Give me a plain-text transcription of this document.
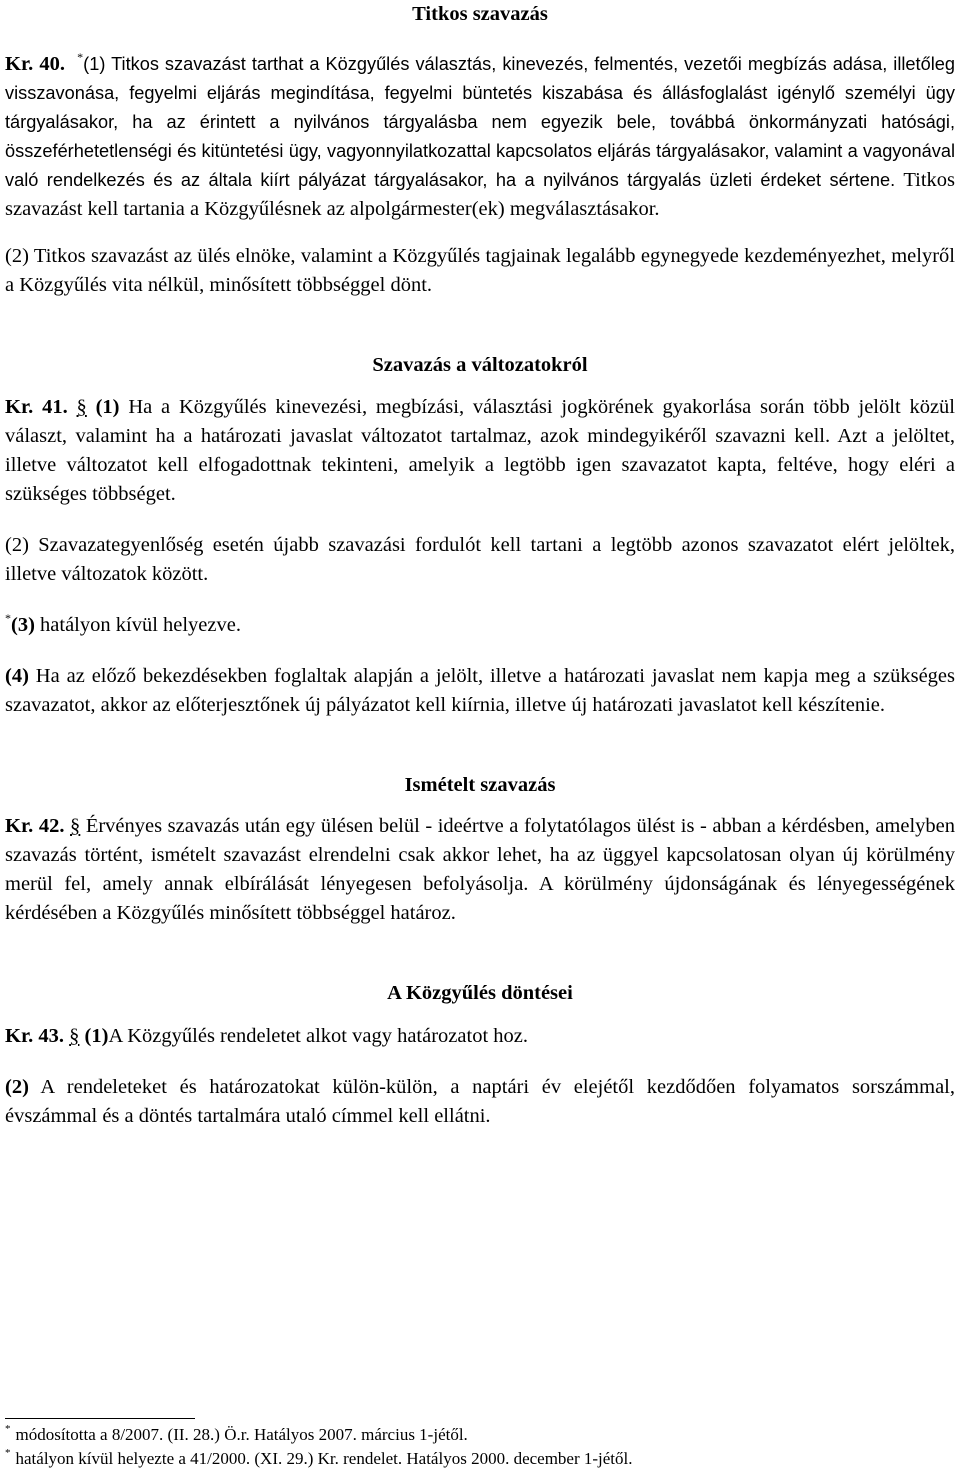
Titkos szavazás

Kr. 40. *(1) Titkos szavazást tarthat a Közgyűlés választás, kinevezés, felmentés, vezetői megbízás adása, illetőleg visszavonása, fegyelmi eljárás megindítása, fegyelmi büntetés kiszabása és állásfoglalást igénylő személyi ügy tárgyalásakor, ha az érintett a nyilvános tárgyalásba nem egyezik bele, továbbá önkormányzati hatósági, összeférhetetlenségi és kitüntetési ügy, vagyonnyilatkozattal kapcsolatos eljárás tárgyalásakor, valamint a vagyonával való rendelkezés és az általa kiírt pályázat tárgyalásakor, ha a nyilvános tárgyalás üzleti érdeket sértene. Titkos szavazást kell tartania a Közgyűlésnek az alpolgármester(ek) megválasztásakor.

(2) Titkos szavazást az ülés elnöke, valamint a Közgyűlés tagjainak legalább egynegyede kezdeményezhet, melyről a Közgyűlés vita nélkül, minősített többséggel dönt.

Szavazás a változatokról

Kr. 41. § (1) Ha a Közgyűlés kinevezési, megbízási, választási jogkörének gyakorlása során több jelölt közül választ, valamint ha a határozati javaslat változatot tartalmaz, azok mindegyikéről szavazni kell. Azt a jelöltet, illetve változatot kell elfogadottnak tekinteni, amelyik a legtöbb igen szavazatot kapta, feltéve, hogy eléri a szükséges többséget.

(2) Szavazategyenlőség esetén újabb szavazási fordulót kell tartani a legtöbb azonos szavazatot elért jelöltek, illetve változatok között.

*(3) hatályon kívül helyezve.

(4) Ha az előző bekezdésekben foglaltak alapján a jelölt, illetve a határozati javaslat nem kapja meg a szükséges szavazatot, akkor az előterjesztőnek új pályázatot kell kiírnia, illetve új határozati javaslatot kell készítenie.

Ismételt szavazás

Kr. 42. § Érvényes szavazás után egy ülésen belül - ideértve a folytatólagos ülést is - abban a kérdésben, amelyben szavazás történt, ismételt szavazást elrendelni csak akkor lehet, ha az üggyel kapcsolatosan olyan új körülmény merül fel, amely annak elbírálását lényegesen befolyásolja. A körülmény újdonságának és lényegességének kérdésében a Közgyűlés minősített többséggel határoz.

A Közgyűlés döntései

Kr. 43. § (1)A Közgyűlés rendeletet alkot vagy határozatot hoz.

(2) A rendeleteket és határozatokat külön-külön, a naptári év elejétől kezdődően folyamatos sorszámmal, évszámmal és a döntés tartalmára utaló címmel kell ellátni.

* módosította a 8/2007. (II. 28.) Ö.r. Hatályos 2007. március 1-jétől.
* hatályon kívül helyezte a 41/2000. (XI. 29.) Kr. rendelet. Hatályos 2000. december 1-jétől.
